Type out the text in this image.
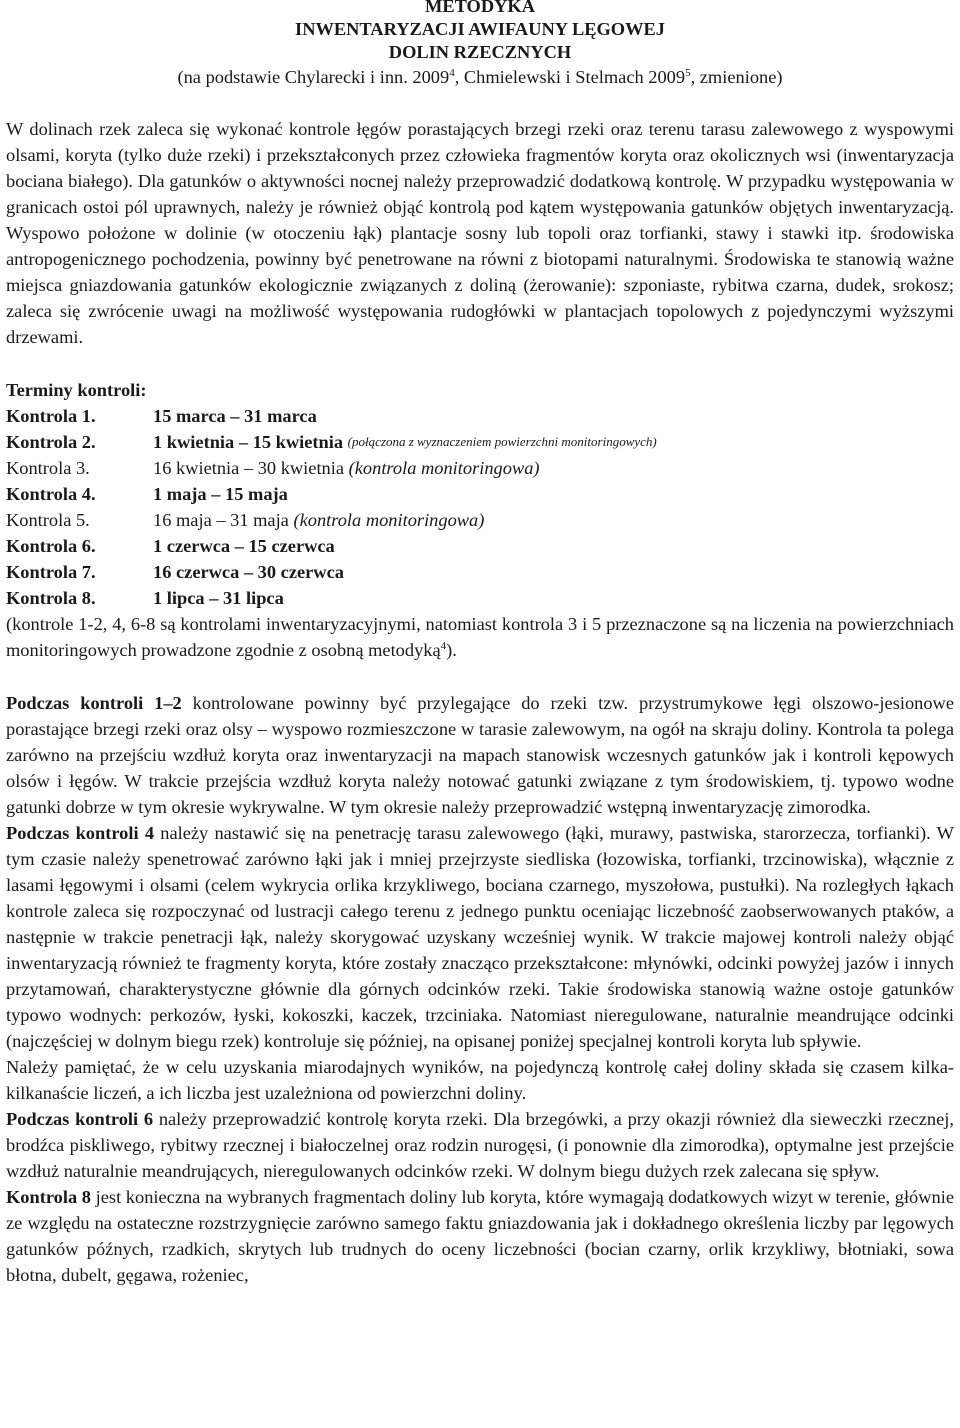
METODYKA
INWENTARYZACJI AWIFAUNY LĘGOWEJ
DOLIN RZECZNYCH
(na podstawie Chylarecki i inn. 2009$^4$, Chmielewski i Stelmach 2009$^5$, zmienione)

W dolinach rzek zaleca się wykonać kontrole łęgów porastających brzegi rzeki oraz terenu tarasu zalewowego z wyspowymi olsami, koryta (tylko duże rzeki) i przekształconych przez człowieka fragmentów koryta oraz okolicznych wsi (inwentaryzacja bociana białego). Dla gatunków o aktywności nocnej należy przeprowadzić dodatkową kontrolę. W przypadku występowania w granicach ostoi pól uprawnych, należy je również objąć kontrolą pod kątem występowania gatunków objętych inwentaryzacją. Wyspowo położone w dolinie (w otoczeniu łąk) plantacje sosny lub topoli oraz torfianki, stawy i stawki itp. środowiska antropogenicznego pochodzenia, powinny być penetrowane na równi z biotopami naturalnymi. Środowiska te stanowią ważne miejsca gniazdowania gatunków ekologicznie związanych z doliną (żerowanie): szponiaste, rybitwa czarna, dudek, srokosz; zaleca się zwrócenie uwagi na możliwość występowania rudogłówki w plantacjach topolowych z pojedynczymi wyższymi drzewami.

Terminy kontroli:
Kontrola 1.	15 marca – 31 marca
Kontrola 2.	1 kwietnia – 15 kwietnia
(połączona z wyznaczeniem powierzchni monitoringowych)
Kontrola 3.	16 kwietnia – 30 kwietnia
(kontrola monitoringowa)
Kontrola 4.	1 maja – 15 maja
Kontrola 5.	16 maja – 31 maja
(kontrola monitoringowa)
Kontrola 6.	1 czerwca – 15 czerwca
Kontrola 7.	16 czerwca – 30 czerwca
Kontrola 8.	1 lipca – 31 lipca

(kontrole 1-2, 4, 6-8 są kontrolami inwentaryzacyjnymi, natomiast kontrola 3 i 5 przeznaczone są na liczenia na powierzchniach monitoringowych prowadzone zgodnie z osobną metodyką$^4$).

Podczas kontroli 1–2 kontrolowane powinny być przylegające do rzeki tzw. przystrumykowe łęgi olszowo-jesionowe porastające brzegi rzeki oraz olsy – wyspowo rozmieszczone w tarasie zalewowym, na ogół na skraju doliny. Kontrola ta polega zarówno na przejściu wzdłuż koryta oraz inwentaryzacji na mapach stanowisk wczesnych gatunków jak i kontroli kępowych olsów i łęgów. W trakcie przejścia wzdłuż koryta należy notować gatunki związane z tym środowiskiem, tj. typowo wodne gatunki dobrze w tym okresie wykrywalne. W tym okresie należy przeprowadzić wstępną inwentaryzację zimorodka.

Podczas kontroli 4 należy nastawić się na penetrację tarasu zalewowego (łąki, murawy, pastwiska, starorzecza, torfianki). W tym czasie należy spenetrować zarówno łąki jak i mniej przejrzyste siedliska (łozowiska, torfianki, trzcinowiska), włącznie z lasami łęgowymi i olsami (celem wykrycia orlika krzykliwego, bociana czarnego, myszołowa, pustułki). Na rozległych łąkach kontrole zaleca się rozpoczynać od lustracji całego terenu z jednego punktu oceniając liczebność zaobserwowanych ptaków, a następnie w trakcie penetracji łąk, należy skorygować uzyskany wcześniej wynik. W trakcie majowej kontroli należy objąć inwentaryzacją również te fragmenty koryta, które zostały znacząco przekształcone: młynówki, odcinki powyżej jazów i innych przytamowań, charakterystyczne głównie dla górnych odcinków rzeki. Takie środowiska stanowią ważne ostoje gatunków typowo wodnych: perkozów, łyski, kokoszki, kaczek, trzciniaka. Natomiast nieregulowane, naturalnie meandrujące odcinki (najczęściej w dolnym biegu rzek) kontroluje się później, na opisanej poniżej specjalnej kontroli koryta lub spływie.

Należy pamiętać, że w celu uzyskania miarodajnych wyników, na pojedynczą kontrolę całej doliny składa się czasem kilka-kilkanaście liczeń, a ich liczba jest uzależniona od powierzchni doliny.

Podczas kontroli 6 należy przeprowadzić kontrolę koryta rzeki. Dla brzegówki, a przy okazji również dla sieweczki rzecznej, brodźca piskliwego, rybitwy rzecznej i białoczelnej oraz rodzin nurogęsi, (i ponownie dla zimorodka), optymalne jest przejście wzdłuż naturalnie meandrujących, nieregulowanych odcinków rzeki. W dolnym biegu dużych rzek zalecana się spływ.

Kontrola 8 jest konieczna na wybranych fragmentach doliny lub koryta, które wymagają dodatkowych wizyt w terenie, głównie ze względu na ostateczne rozstrzygnięcie zarówno samego faktu gniazdowania jak i dokładnego określenia liczby par lęgowych gatunków późnych, rzadkich, skrytych lub trudnych do oceny liczebności (bocian czarny, orlik krzykliwy, błotniaki, sowa błotna, dubelt, gęgawa, rożeniec,
